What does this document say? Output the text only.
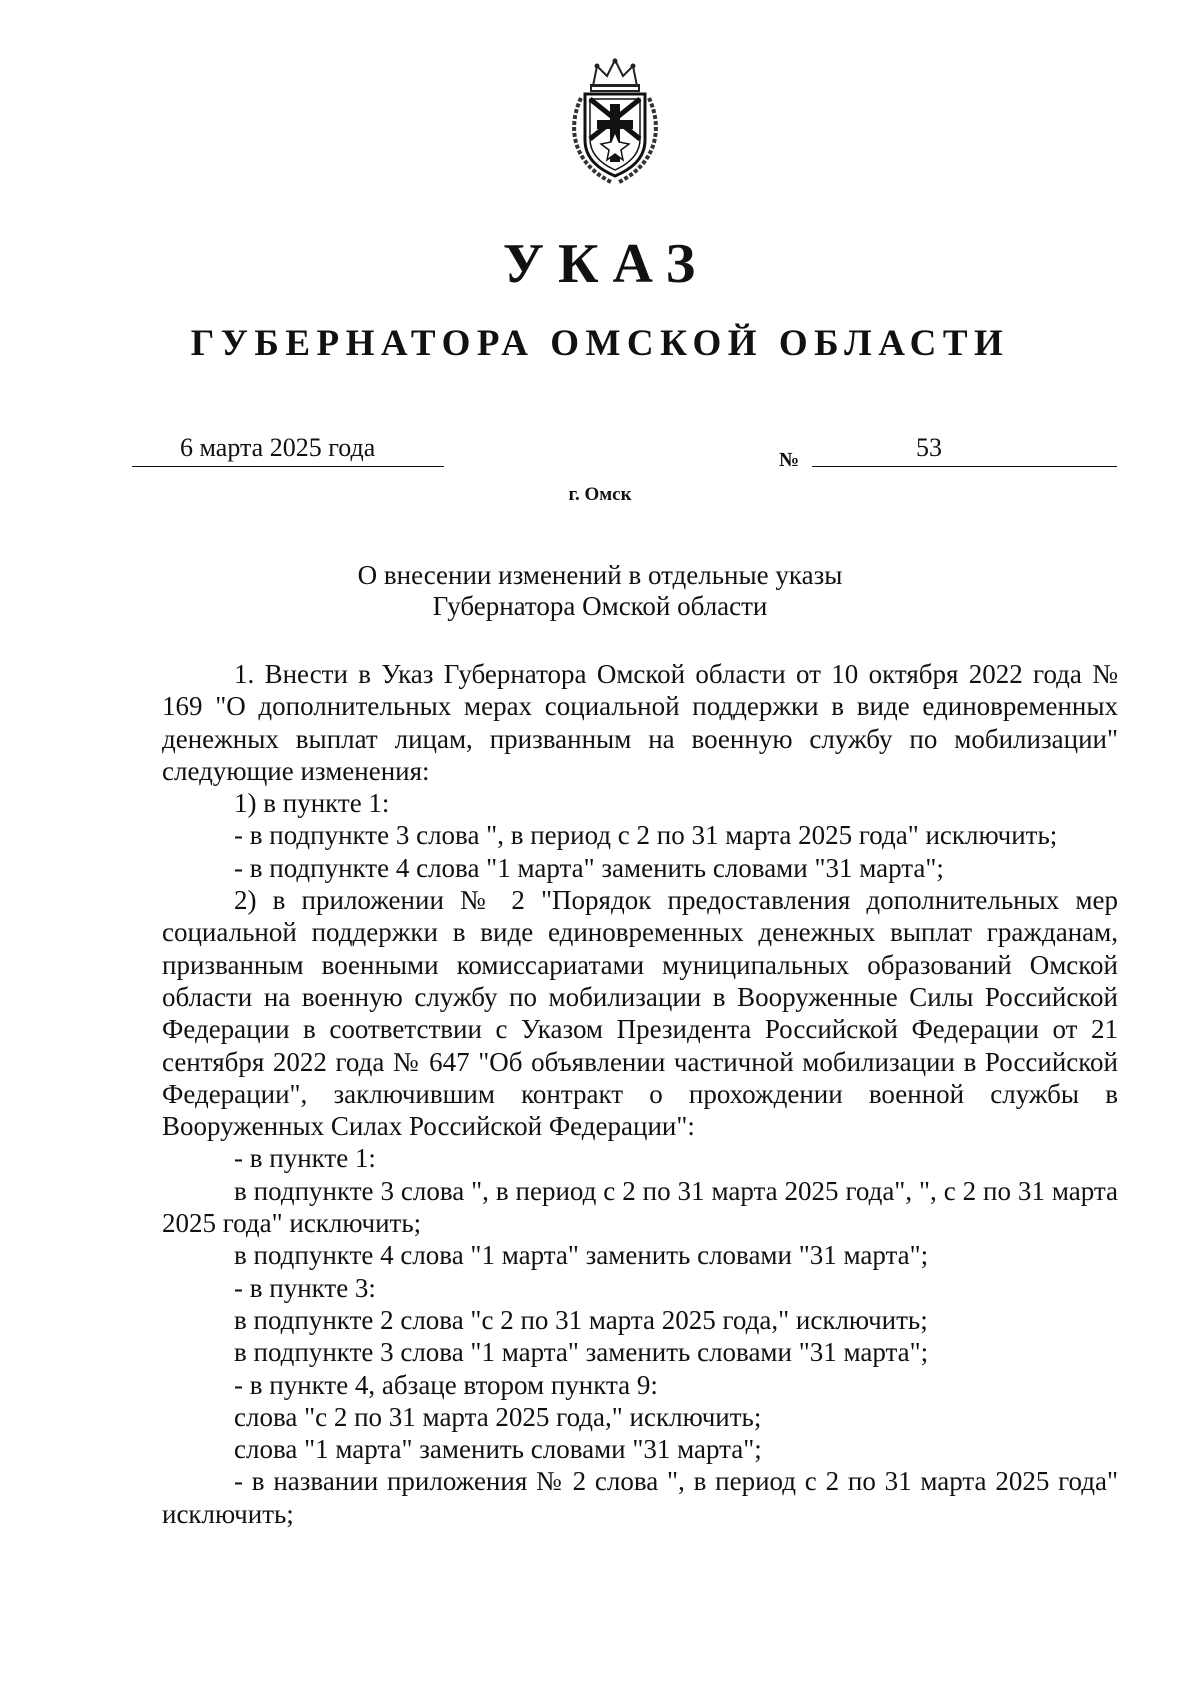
УКАЗ
ГУБЕРНАТОРА ОМСКОЙ ОБЛАСТИ
6 марта 2025 года	№	53
г. Омск
О внесении изменений в отдельные указы
Губернатора Омской области

1. Внести в Указ Губернатора Омской области от 10 октября 2022 года № 169 "О дополнительных мерах социальной поддержки в виде единовременных денежных выплат лицам, призванным на военную службу по мобилизации" следующие изменения:

1) в пункте 1:

- в подпункте 3 слова ", в период с 2 по 31 марта 2025 года" исключить;

- в подпункте 4 слова "1 марта" заменить словами "31 марта";

2) в приложении № 2 "Порядок предоставления дополнительных мер социальной поддержки в виде единовременных денежных выплат гражданам, призванным военными комиссариатами муниципальных образований Омской области на военную службу по мобилизации в Вооруженные Силы Российской Федерации в соответствии с Указом Президента Российской Федерации от 21 сентября 2022 года № 647 "Об объявлении частичной мобилизации в Российской Федерации", заключившим контракт о прохождении военной службы в Вооруженных Силах Российской Федерации":

- в пункте 1:

в подпункте 3 слова ", в период с 2 по 31 марта 2025 года", ", с 2 по 31 марта 2025 года" исключить;

в подпункте 4 слова "1 марта" заменить словами "31 марта";

- в пункте 3:

в подпункте 2 слова "с 2 по 31 марта 2025 года," исключить;

в подпункте 3 слова "1 марта" заменить словами "31 марта";

- в пункте 4, абзаце втором пункта 9:

слова "с 2 по 31 марта 2025 года," исключить;

слова "1 марта" заменить словами "31 марта";

- в названии приложения № 2 слова ", в период с 2 по 31 марта 2025 года" исключить;
